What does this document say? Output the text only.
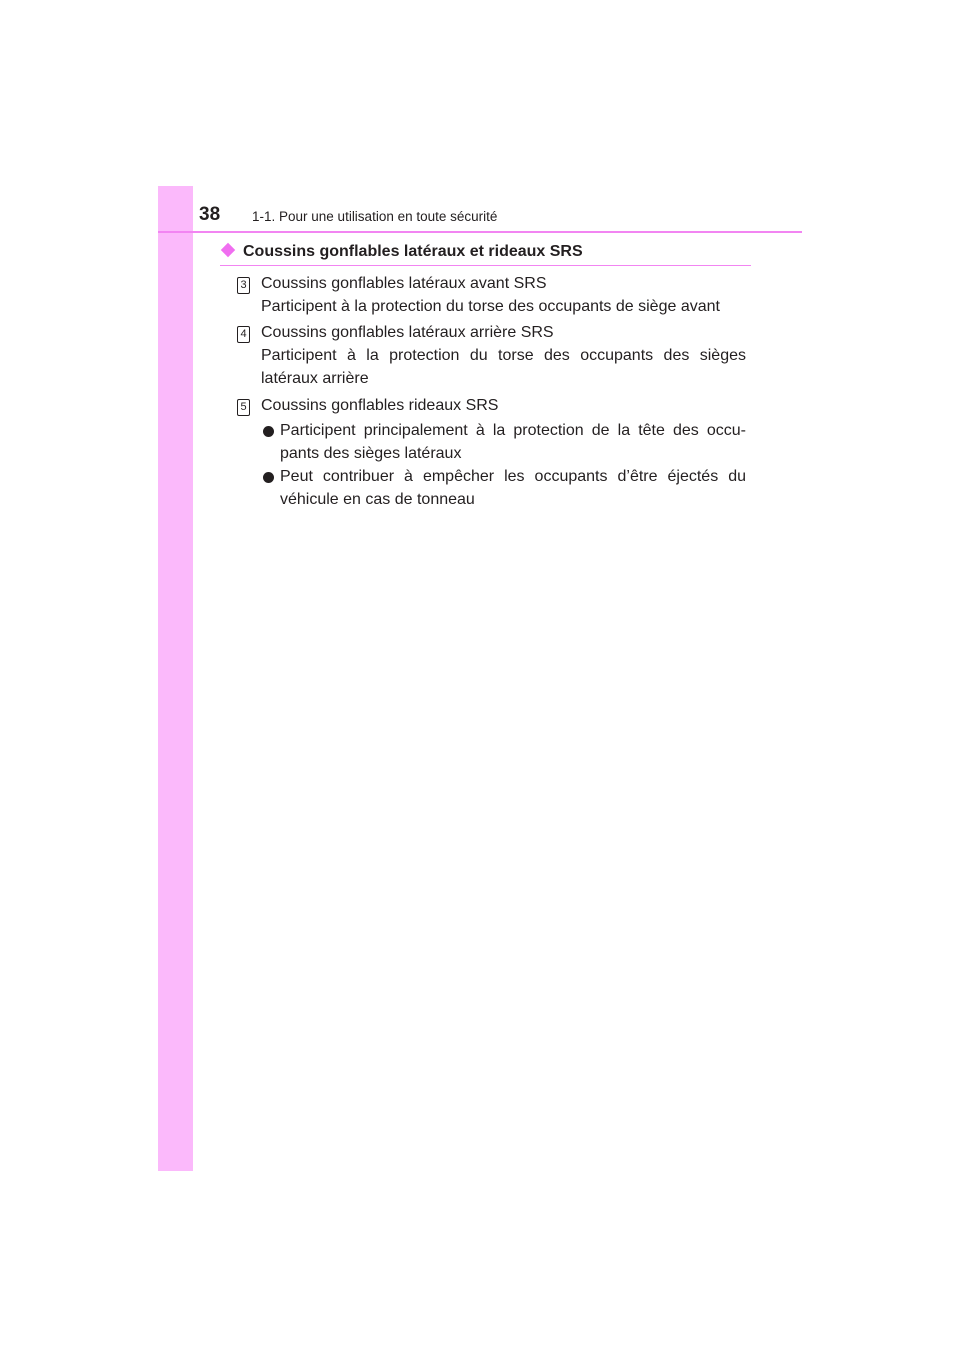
38 1-1. Pour une utilisation en toute sécurité
Coussins gonflables latéraux et rideaux SRS
3 Coussins gonflables latéraux avant SRS
Participent à la protection du torse des occupants de siège avant
4 Coussins gonflables latéraux arrière SRS
Participent à la protection du torse des occupants des sièges
latéraux arrière
5 Coussins gonflables rideaux SRS
Participent principalement à la protection de la tête des occu-
pants des sièges latéraux
Peut contribuer à empêcher les occupants d’être éjectés du
véhicule en cas de tonneau
